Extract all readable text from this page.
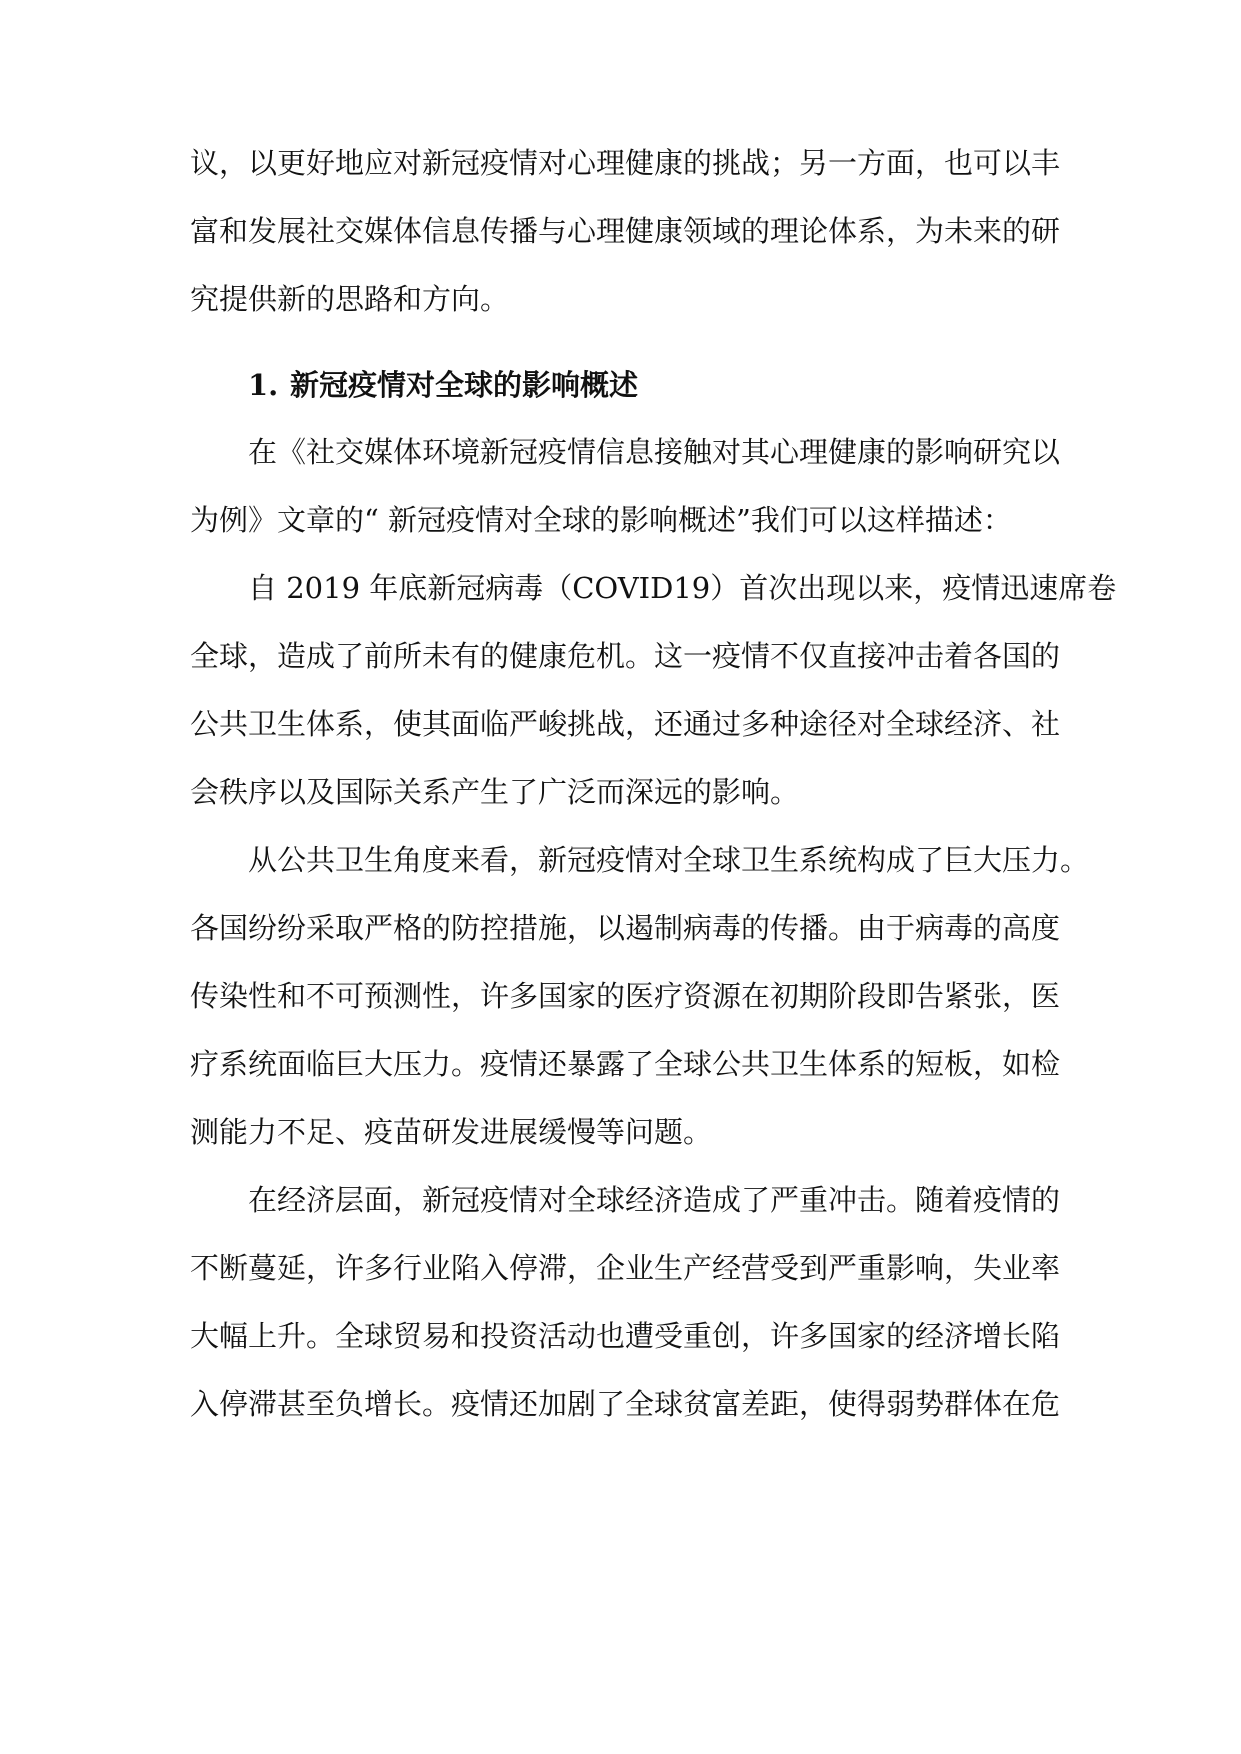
议，以更好地应对新冠疫情对心理健康的挑战；另一方面，也可以丰
富和发展社交媒体信息传播与心理健康领域的理论体系，为未来的研
究提供新的思路和方向。
1. 新冠疫情对全球的影响概述
在《社交媒体环境新冠疫情信息接触对其心理健康的影响研究以
为例》文章的“ 新冠疫情对全球的影响概述”我们可以这样描述：
自 2019 年底新冠病毒（COVID19）首次出现以来，疫情迅速席卷
全球，造成了前所未有的健康危机。这一疫情不仅直接冲击着各国的
公共卫生体系，使其面临严峻挑战，还通过多种途径对全球经济、社
会秩序以及国际关系产生了广泛而深远的影响。
从公共卫生角度来看，新冠疫情对全球卫生系统构成了巨大压力。
各国纷纷采取严格的防控措施，以遏制病毒的传播。由于病毒的高度
传染性和不可预测性，许多国家的医疗资源在初期阶段即告紧张，医
疗系统面临巨大压力。疫情还暴露了全球公共卫生体系的短板，如检
测能力不足、疫苗研发进展缓慢等问题。
在经济层面，新冠疫情对全球经济造成了严重冲击。随着疫情的
不断蔓延，许多行业陷入停滞，企业生产经营受到严重影响，失业率
大幅上升。全球贸易和投资活动也遭受重创，许多国家的经济增长陷
入停滞甚至负增长。疫情还加剧了全球贫富差距，使得弱势群体在危
